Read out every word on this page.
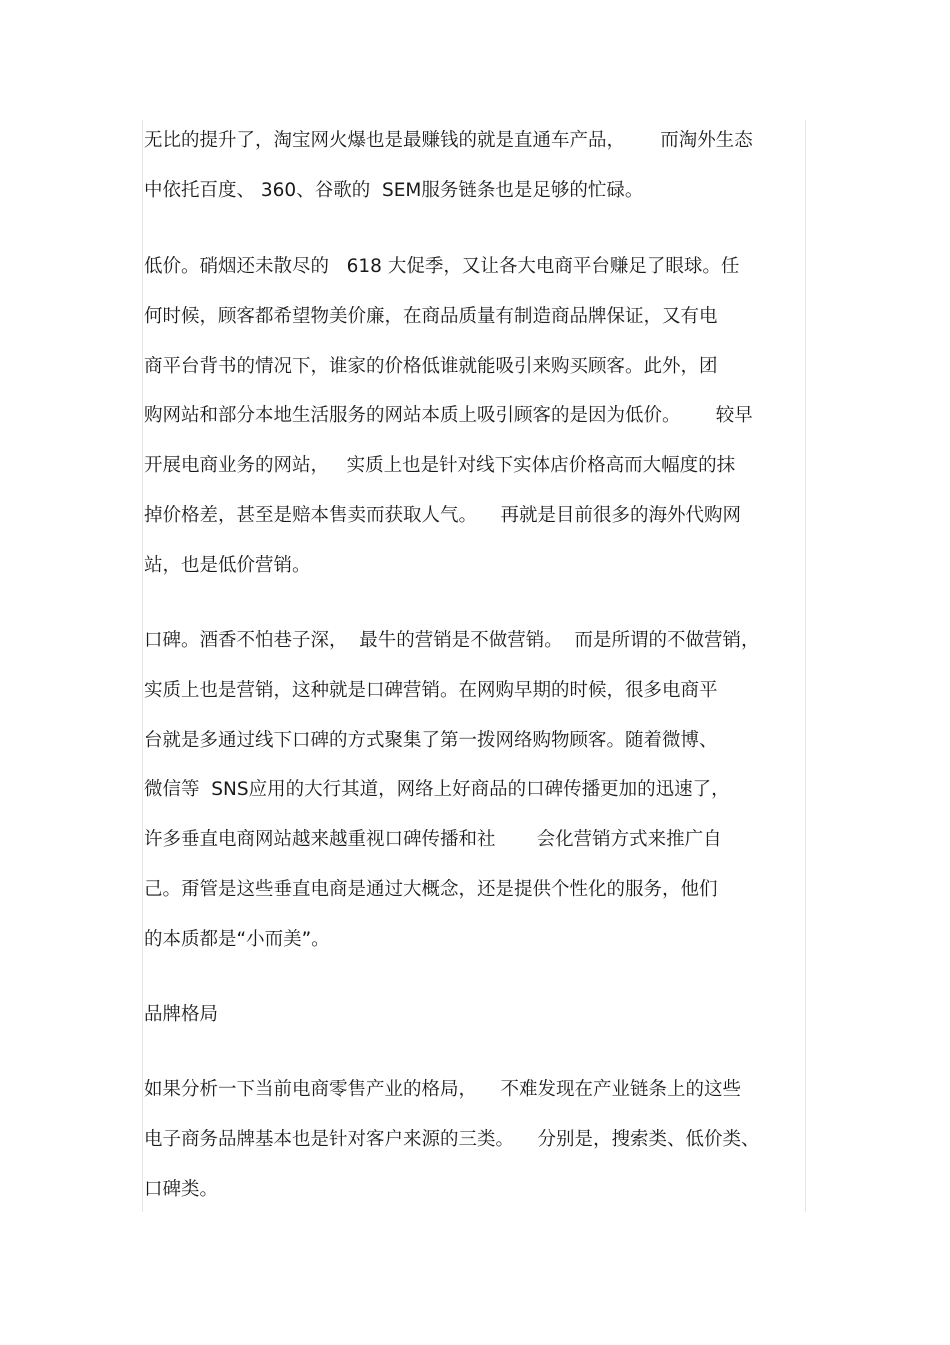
无比的提升了，淘宝网火爆也是最赚钱的就是直通车产品，      而淘外生态
中依托百度、 360、谷歌的  SEM服务链条也是足够的忙碌。
低价。硝烟还未散尽的   618 大促季，又让各大电商平台赚足了眼球。任
何时候，顾客都希望物美价廉，在商品质量有制造商品牌保证，又有电
商平台背书的情况下，谁家的价格低谁就能吸引来购买顾客。此外，团
购网站和部分本地生活服务的网站本质上吸引顾客的是因为低价。      较早
开展电商业务的网站，   实质上也是针对线下实体店价格高而大幅度的抹
掉价格差，甚至是赔本售卖而获取人气。    再就是目前很多的海外代购网
站，也是低价营销。
口碑。酒香不怕巷子深，  最牛的营销是不做营销。  而是所谓的不做营销，
实质上也是营销，这种就是口碑营销。在网购早期的时候，很多电商平
台就是多通过线下口碑的方式聚集了第一拨网络购物顾客。随着微博、
微信等  SNS应用的大行其道，网络上好商品的口碑传播更加的迅速了，
许多垂直电商网站越来越重视口碑传播和社       会化营销方式来推广自
己。甭管是这些垂直电商是通过大概念，还是提供个性化的服务，他们
的本质都是“小而美”。
品牌格局
如果分析一下当前电商零售产业的格局，    不难发现在产业链条上的这些
电子商务品牌基本也是针对客户来源的三类。    分别是，搜索类、低价类、
口碑类。
